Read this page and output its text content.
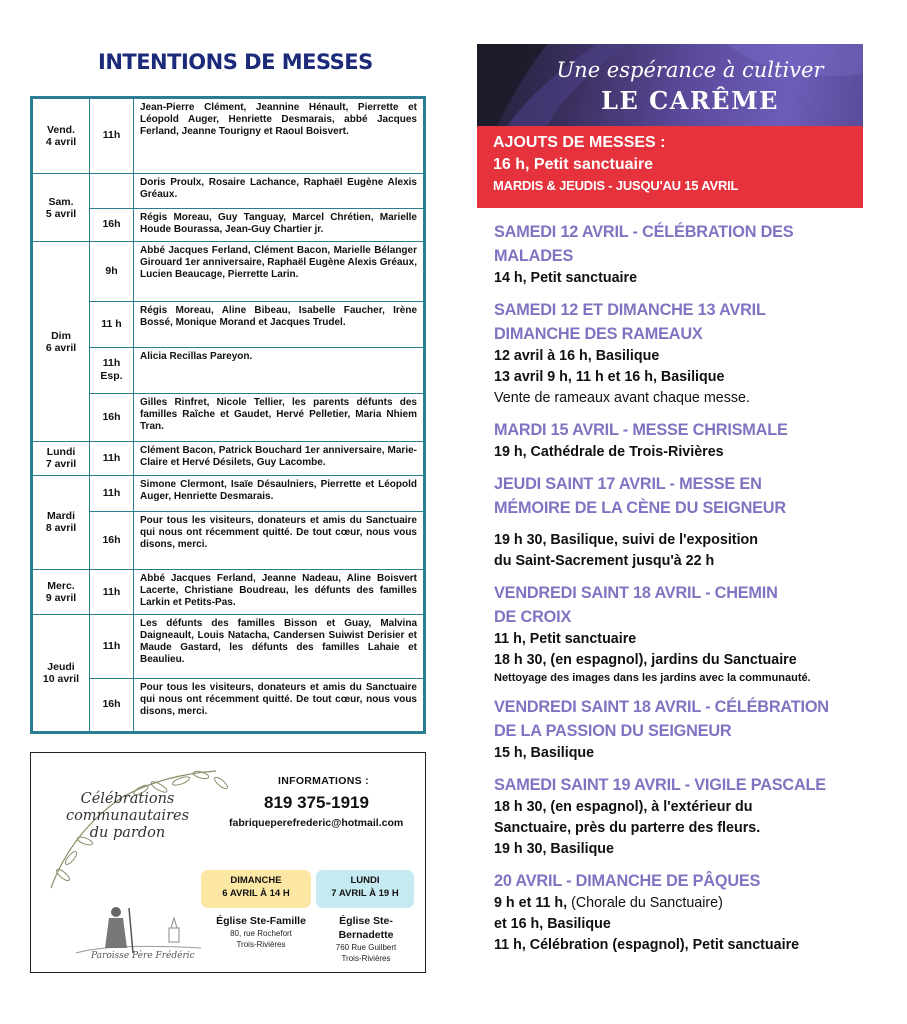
INTENTIONS DE MESSES
Vend.
4 avril	11h	Jean-Pierre Clément, Jeannine Hénault, Pierrette et Léopold Auger, Henriette Desmarais, abbé Jacques Ferland, Jeanne Tourigny et Raoul Boisvert.

Sam.
5 avril		Doris Proulx, Rosaire Lachance, Raphaël Eugène Alexis Gréaux.

	16h	Régis Moreau, Guy Tanguay, Marcel Chrétien, Marielle Houde Bourassa, Jean-Guy Chartier jr.

Dim
6 avril	9h	Abbé Jacques Ferland, Clément Bacon, Marielle Bélanger Girouard 1er anniversaire, Raphaël Eugène Alexis Gréaux, Lucien Beaucage, Pierrette Larin.

	11 h	Régis Moreau, Aline Bibeau, Isabelle Faucher, Irène Bossé, Monique Morand et Jacques Trudel.

	11h
Esp.	Alicia Recillas Pareyon.

	16h	Gilles Rinfret, Nicole Tellier, les parents défunts des familles Raîche et Gaudet, Hervé Pelletier, Maria Nhiem Tran.

Lundi
7 avril	11h	Clément Bacon, Patrick Bouchard 1er anniversaire, Marie-Claire et Hervé Désilets, Guy Lacombe.

Mardi
8 avril	11h	Simone Clermont, Isaïe Désaulniers, Pierrette et Léopold Auger, Henriette Desmarais.

	16h	Pour tous les visiteurs, donateurs et amis du Sanctuaire qui nous ont récemment quitté. De tout cœur, nous vous disons, merci.

Merc.
9 avril	11h	Abbé Jacques Ferland, Jeanne Nadeau, Aline Boisvert Lacerte, Christiane Boudreau, les défunts des familles Larkin et Petits-Pas.

Jeudi
10 avril	11h	Les défunts des familles Bisson et Guay, Malvina Daigneault, Louis Natacha, Candersen Suiwist Derisier et Maude Gastard, les défunts des familles Lahaie et Beaulieu.

	16h	Pour tous les visiteurs, donateurs et amis du Sanctuaire qui nous ont récemment quitté. De tout cœur, nous vous disons, merci.
Célébrations
communautaires
du pardon
Paroisse Père Frédéric
INFORMATIONS :
819 375-1919
fabriqueperefrederic@hotmail.com
DIMANCHE
6 AVRIL À 14 H
LUNDI
7 AVRIL À 19 H
Église Ste-Famille
80, rue Rochefort
Trois-Rivières
Église Ste-Bernadette
760 Rue Guilbert
Trois-Rivières
Une espérance à cultiver
LE CARÊME
AJOUTS DE MESSES :
16 h, Petit sanctuaire
MARDIS & JEUDIS - JUSQU'AU 15 AVRIL
SAMEDI 12 AVRIL - CÉLÉBRATION DES
MALADES
14 h, Petit sanctuaire
SAMEDI 12 ET DIMANCHE 13 AVRIL
DIMANCHE DES RAMEAUX
12 avril à 16 h, Basilique
13 avril 9 h, 11 h et 16 h, Basilique
Vente de rameaux avant chaque messe.
MARDI 15 AVRIL - MESSE CHRISMALE
19 h, Cathédrale de Trois-Rivières
JEUDI SAINT 17 AVRIL - MESSE EN
MÉMOIRE DE LA CÈNE DU SEIGNEUR
19 h 30, Basilique, suivi de l'exposition
du Saint-Sacrement jusqu'à 22 h
VENDREDI SAINT 18 AVRIL - CHEMIN
DE CROIX
11 h, Petit sanctuaire
18 h 30, (en espagnol), jardins du Sanctuaire
Nettoyage des images dans les jardins avec la communauté.
VENDREDI SAINT 18 AVRIL - CÉLÉBRATION
DE LA PASSION DU SEIGNEUR
15 h, Basilique
SAMEDI SAINT 19 AVRIL - VIGILE PASCALE
18 h 30, (en espagnol), à l'extérieur du
Sanctuaire, près du parterre des fleurs.
19 h 30, Basilique
20 AVRIL - DIMANCHE DE PÂQUES
9 h et 11 h, (Chorale du Sanctuaire)
et 16 h, Basilique
11 h, Célébration (espagnol), Petit sanctuaire
